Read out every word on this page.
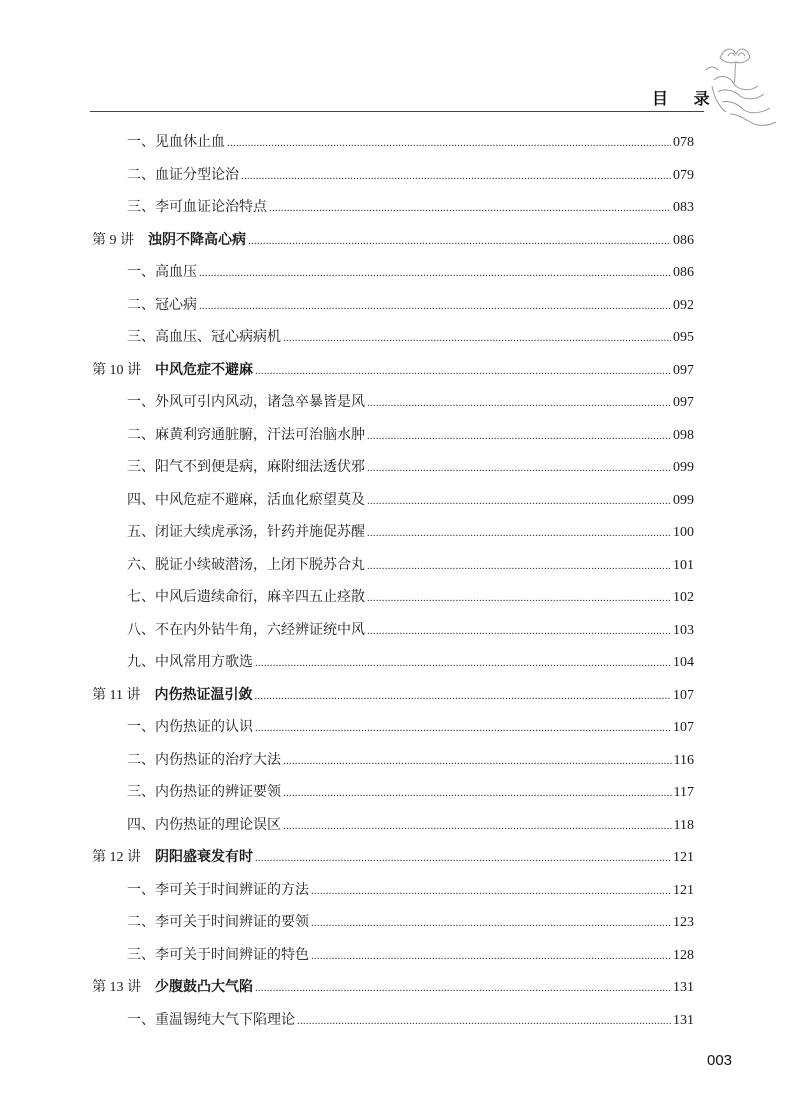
目 录
一、见血休止血 .....	078
二、血证分型论治 .....	079
三、李可血证论治特点 .....	083
第 9 讲 浊阴不降高心病 .....	086
一、高血压 .....	086
二、冠心病 .....	092
三、高血压、冠心病病机 .....	095
第 10 讲 中风危症不避麻 .....	097
一、外风可引内风动，诸急卒暴皆是风 .....	097
二、麻黄利窍通脏腑，汗法可治脑水肿 .....	098
三、阳气不到便是病，麻附细法透伏邪 .....	099
四、中风危症不避麻，活血化瘀望莫及 .....	099
五、闭证大续虎承汤，针药并施促苏醒 .....	100
六、脱证小续破潜汤，上闭下脱苏合丸 .....	101
七、中风后遗续命衍，麻辛四五止痉散 .....	102
八、不在内外钻牛角，六经辨证统中风 .....	103
九、中风常用方歌选 .....	104
第 11 讲 内伤热证温引敛 .....	107
一、内伤热证的认识 .....	107
二、内伤热证的治疗大法 .....	116
三、内伤热证的辨证要领 .....	117
四、内伤热证的理论误区 .....	118
第 12 讲 阴阳盛衰发有时 .....	121
一、李可关于时间辨证的方法 .....	121
二、李可关于时间辨证的要领 .....	123
三、李可关于时间辨证的特色 .....	128
第 13 讲 少腹鼓凸大气陷 .....	131
一、重温锡纯大气下陷理论 .....	131
003
